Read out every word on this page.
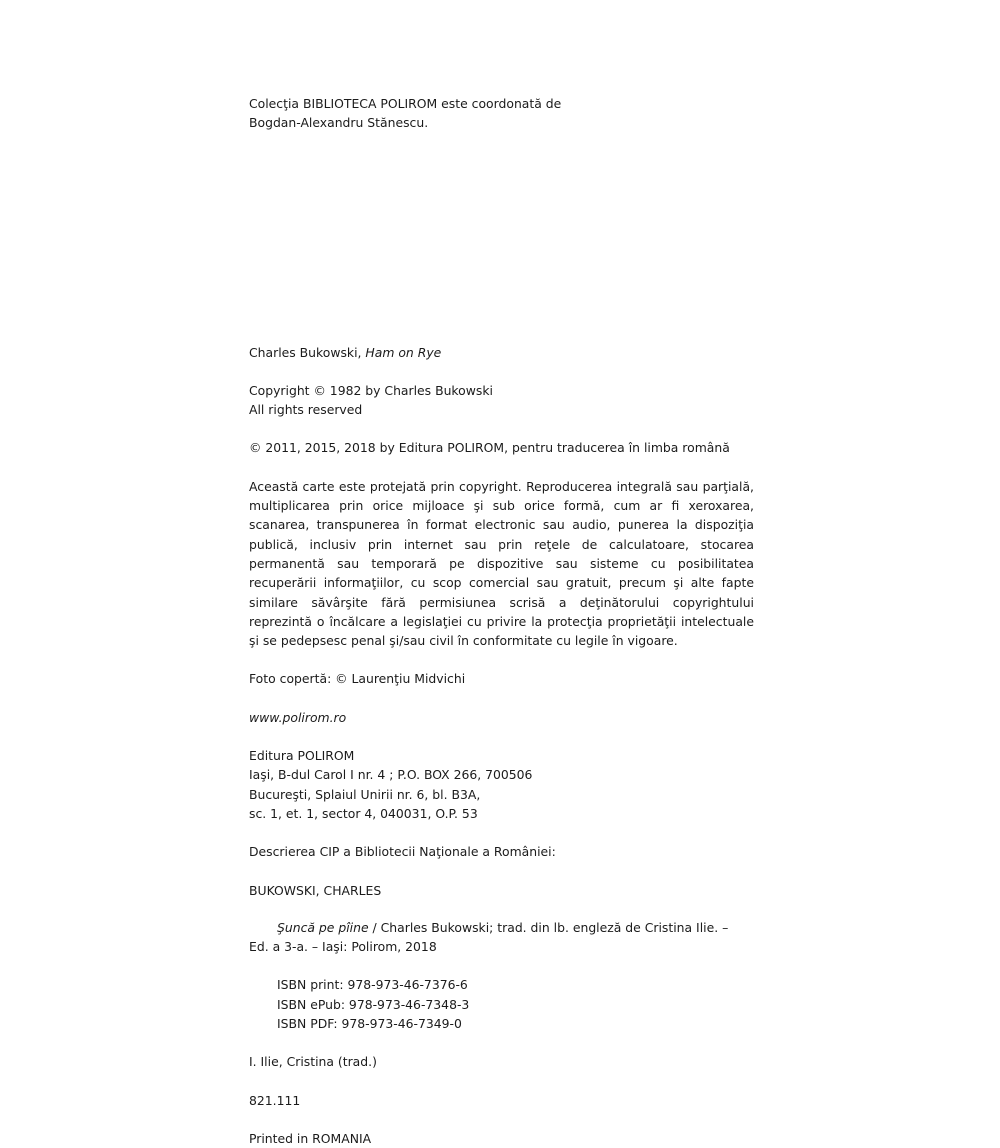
Colecţia BIBLIOTECA POLIROM este coordonată de

Bogdan-Alexandru Stănescu.

Charles Bukowski, Ham on Rye

Copyright © 1982 by Charles Bukowski

All rights reserved

© 2011, 2015, 2018 by Editura POLIROM, pentru traducerea în limba română

Această carte este protejată prin copyright. Reproducerea integrală sau parţială, multiplicarea prin orice mijloace şi sub orice formă, cum ar fi xeroxarea, scanarea, transpunerea în format electronic sau audio, punerea la dispoziţia publică, inclusiv prin internet sau prin reţele de calculatoare, stocarea permanentă sau temporară pe dispozitive sau sisteme cu posibilitatea recuperării informaţiilor, cu scop comercial sau gratuit, precum şi alte fapte similare săvârşite fără permisiunea scrisă a deţinătorului copyrightului reprezintă o încălcare a legislaţiei cu privire la protecţia proprietăţii intelectuale şi se pedepsesc penal şi/sau civil în conformitate cu legile în vigoare.

Foto copertă: © Laurenţiu Midvichi

www.polirom.ro

Editura POLIROM

Iaşi, B-dul Carol I nr. 4 ; P.O. BOX 266, 700506

Bucureşti, Splaiul Unirii nr. 6, bl. B3A,

sc. 1, et. 1, sector 4, 040031, O.P. 53

Descrierea CIP a Bibliotecii Naţionale a României:

BUKOWSKI, CHARLES

Şuncă pe pîine / Charles Bukowski; trad. din lb. engleză de Cristina Ilie. –

Ed. a 3-a. – Iaşi: Polirom, 2018

ISBN print: 978-973-46-7376-6

ISBN ePub: 978-973-46-7348-3

ISBN PDF: 978-973-46-7349-0

I. Ilie, Cristina (trad.)

821.111

Printed in ROMANIA
